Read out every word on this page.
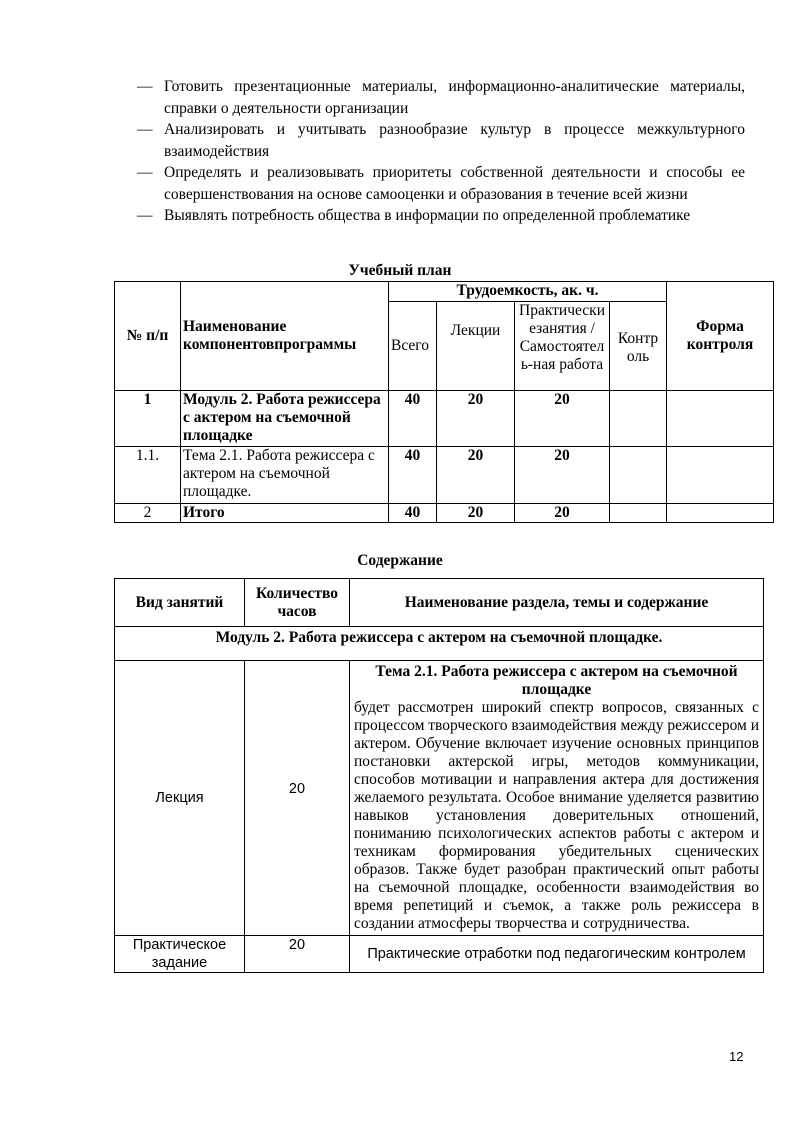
— Готовить презентационные материалы, информационно-аналитические материалы, справки о деятельности организации
— Анализировать и учитывать разнообразие культур в процессе межкультурного взаимодействия
— Определять и реализовывать приоритеты собственной деятельности и способы ее совершенствования на основе самооценки и образования в течение всей жизни
— Выявлять потребность общества в информации по определенной проблематике
Учебный план
№ п/п	Наименование компонентовпрограммы	Трудоемкость, ак. ч.				Форма контроля
		Всего	Лекции	Практически езанятия / Самостоятел ь-ная работа	Контр оль	
1	Модуль 2. Работа режиссера с актером на съемочной площадке	40	20	20		
1.1.	Тема 2.1. Работа режиссера с актером на съемочной площадке.	40	20	20		
2	Итого	40	20	20		
Содержание
Вид занятий	Количество часов	Наименование раздела, темы и содержание
Модуль 2. Работа режиссера с актером на съемочной площадке.		
Лекция	20	Тема 2.1. Работа режиссера с актером на съемочной площадке
будет рассмотрен широкий спектр вопросов, связанных с процессом творческого взаимодействия между режиссером и актером. Обучение включает изучение основных принципов постановки актерской игры, методов коммуникации, способов мотивации и направления актера для достижения желаемого результата. Особое внимание уделяется развитию навыков установления доверительных отношений, пониманию психологических аспектов работы с актером и техникам формирования убедительных сценических образов. Также будет разобран практический опыт работы на съемочной площадке, особенности взаимодействия во время репетиций и съемок, а также роль режиссера в создании атмосферы творчества и сотрудничества.

Практическое задание	20	Практические отработки под педагогическим контролем
12
